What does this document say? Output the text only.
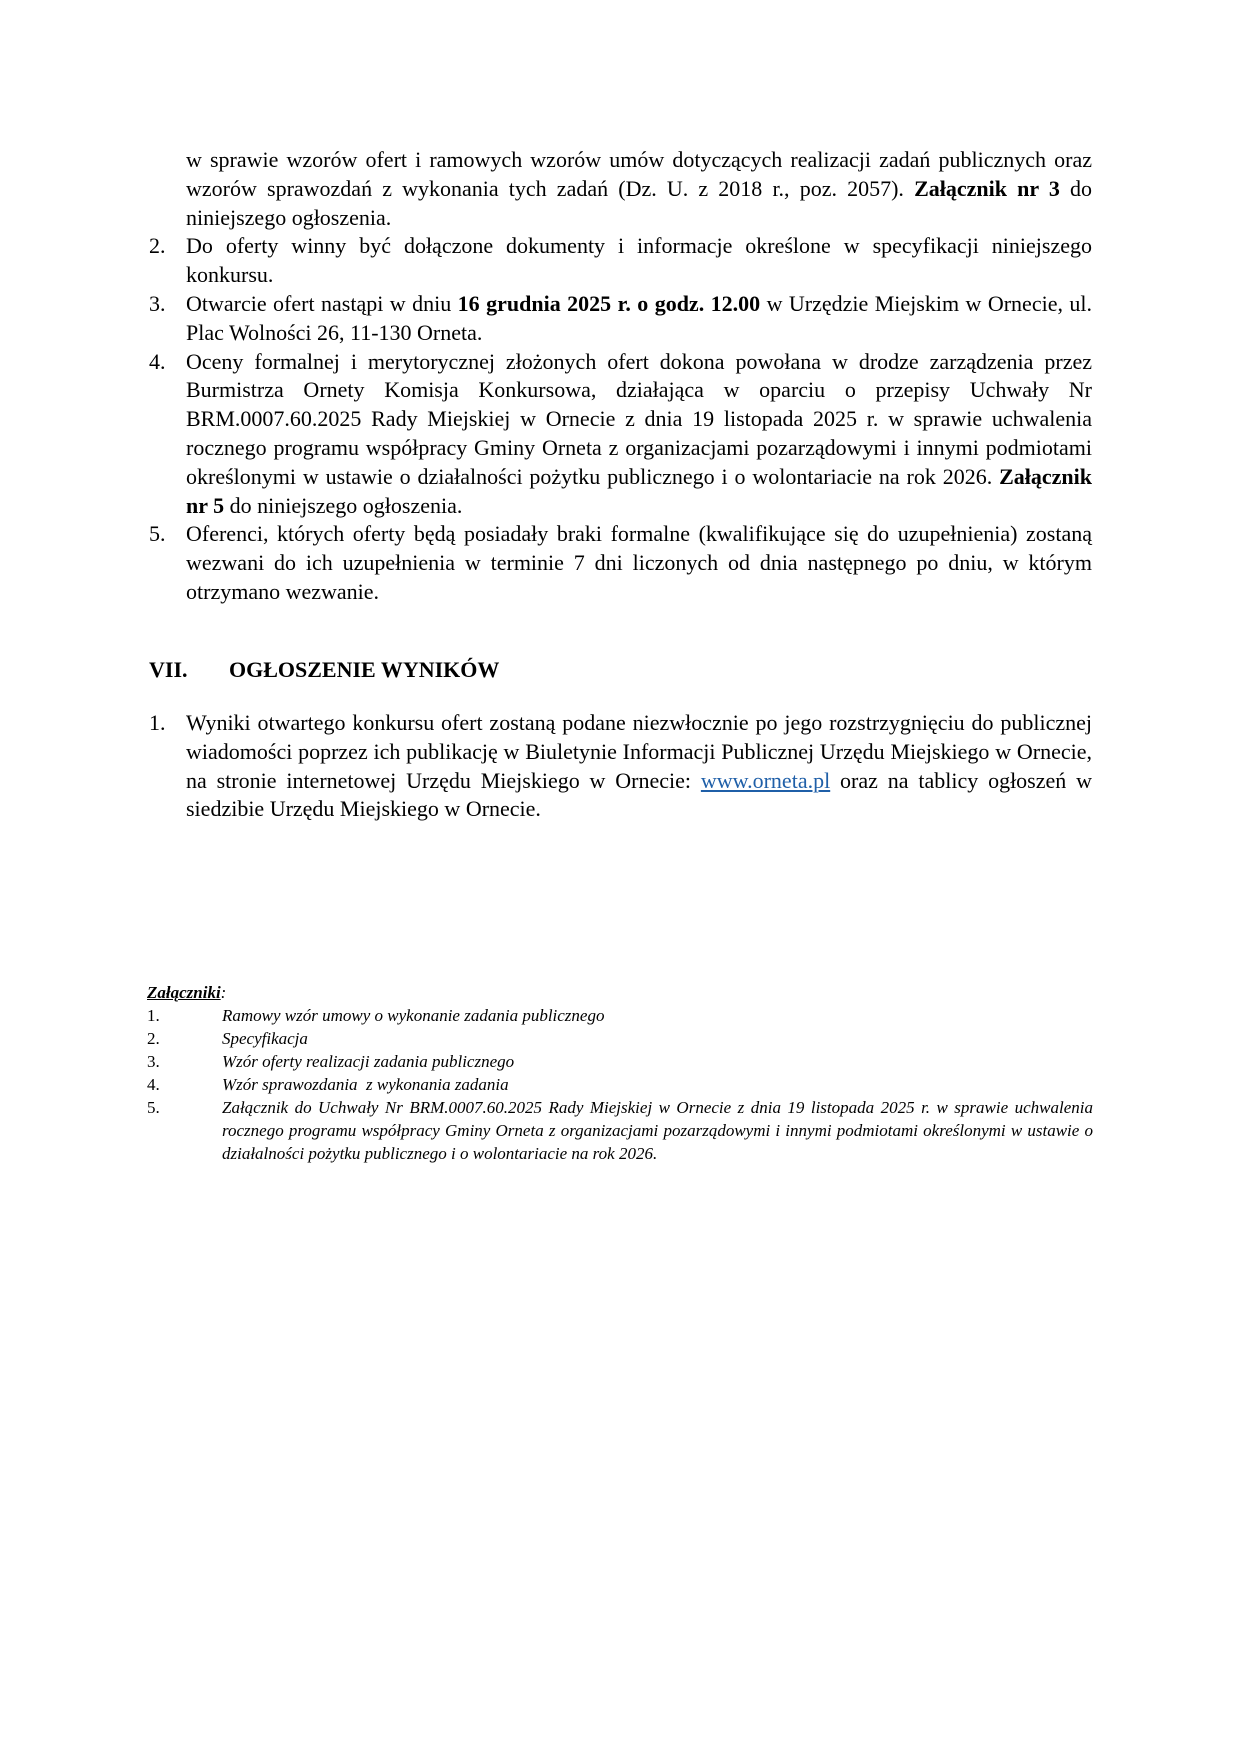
w sprawie wzorów ofert i ramowych wzorów umów dotyczących realizacji zadań publicznych oraz wzorów sprawozdań z wykonania tych zadań (Dz. U. z 2018 r., poz. 2057). Załącznik nr 3 do niniejszego ogłoszenia.

2. Do oferty winny być dołączone dokumenty i informacje określone w specyfikacji niniejszego konkursu.

3. Otwarcie ofert nastąpi w dniu 16 grudnia 2025 r. o godz. 12.00 w Urzędzie Miejskim w Ornecie, ul. Plac Wolności 26, 11-130 Orneta.

4. Oceny formalnej i merytorycznej złożonych ofert dokona powołana w drodze zarządzenia przez Burmistrza Ornety Komisja Konkursowa, działająca w oparciu o przepisy Uchwały Nr BRM.0007.60.2025 Rady Miejskiej w Ornecie z dnia 19 listopada 2025 r. w sprawie uchwalenia rocznego programu współpracy Gminy Orneta z organizacjami pozarządowymi i innymi podmiotami określonymi w ustawie o działalności pożytku publicznego i o wolontariacie na rok 2026. Załącznik nr 5 do niniejszego ogłoszenia.

5. Oferenci, których oferty będą posiadały braki formalne (kwalifikujące się do uzupełnienia) zostaną wezwani do ich uzupełnienia w terminie 7 dni liczonych od dnia następnego po dniu, w którym otrzymano wezwanie.

VII. OGŁOSZENIE WYNIKÓW

1. Wyniki otwartego konkursu ofert zostaną podane niezwłocznie po jego rozstrzygnięciu do publicznej wiadomości poprzez ich publikację w Biuletynie Informacji Publicznej Urzędu Miejskiego w Ornecie, na stronie internetowej Urzędu Miejskiego w Ornecie: www.orneta.pl oraz na tablicy ogłoszeń w siedzibie Urzędu Miejskiego w Ornecie.

Załączniki:
1.	Ramowy wzór umowy o wykonanie zadania publicznego
2.	Specyfikacja
3.	Wzór oferty realizacji zadania publicznego
4.	Wzór sprawozdania  z wykonania zadania
5.	Załącznik do Uchwały Nr BRM.0007.60.2025 Rady Miejskiej w Ornecie z dnia 19 listopada 2025 r. w sprawie uchwalenia rocznego programu współpracy Gminy Orneta z organizacjami pozarządowymi i innymi podmiotami określonymi w ustawie o działalności pożytku publicznego i o wolontariacie na rok 2026.
